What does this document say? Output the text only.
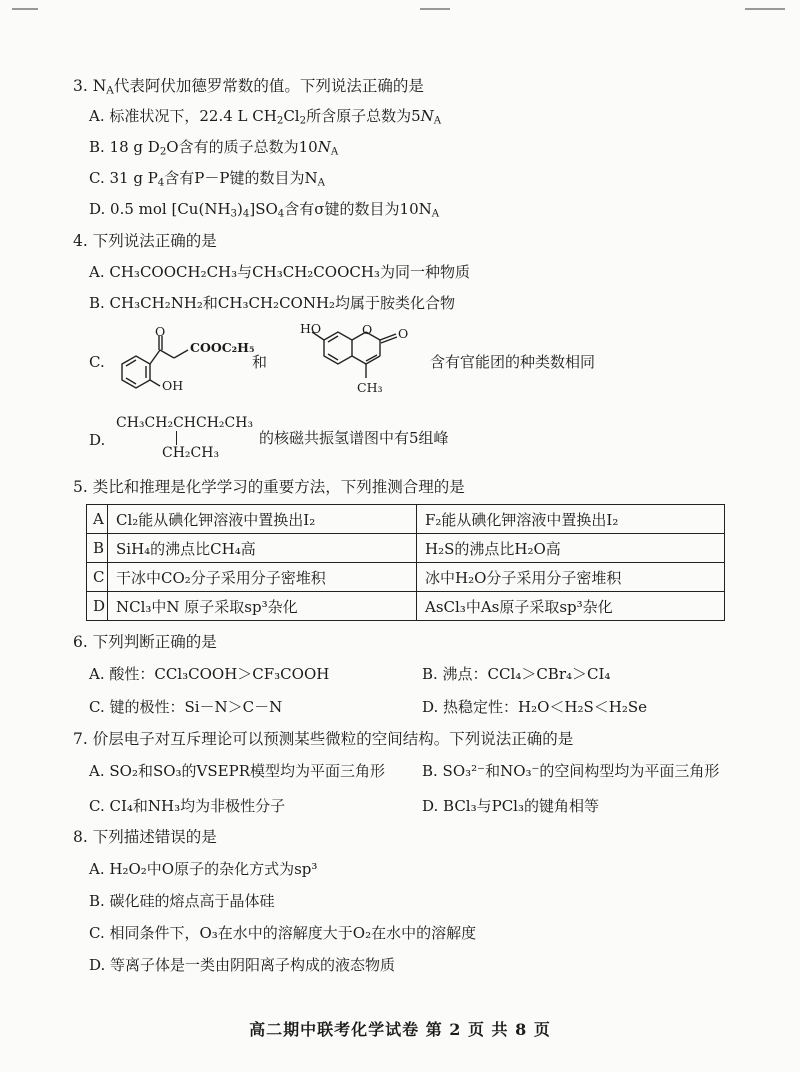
3. $N_A$代表阿伏加德罗常数的值。下列说法正确的是
A. 标准状况下，22.4 L $CH_2Cl_2$所含原子总数为$5N_A$
B. 18 g $D_2O$含有的质子总数为$10N_A$
C. 31 g $P_4$含有P－P键的数目为$N_A$
D. 0.5 mol $[Cu(NH_3)_4]SO_4$含有σ键的数目为$10N_A$
4. 下列说法正确的是
A. CH₃COOCH₂CH₃与CH₃CH₂COOCH₃为同一种物质
B. CH₃CH₂NH₂和CH₃CH₂CONH₂均属于胺类化合物
C.
O
COOC₂H₅
OH
和
HO	O O
CH₃
含有官能团的种类数相同
D.
CH₃CH₂CHCH₂CH₃
CH₂CH₃
的核磁共振氢谱图中有5组峰
5. 类比和推理是化学学习的重要方法，下列推测合理的是
A	Cl₂能从碘化钾溶液中置换出I₂	F₂能从碘化钾溶液中置换出I₂
B	SiH₄的沸点比CH₄高	H₂S的沸点比H₂O高
C	干冰中CO₂分子采用分子密堆积	冰中H₂O分子采用分子密堆积
D	NCl₃中N 原子采取sp³杂化	AsCl₃中As原子采取sp³杂化
6. 下列判断正确的是
A. 酸性：CCl₃COOH＞CF₃COOH	B. 沸点：CCl₄＞CBr₄＞CI₄
C. 键的极性：Si－N＞C－N	D. 热稳定性：H₂O＜H₂S＜H₂Se
7. 价层电子对互斥理论可以预测某些微粒的空间结构。下列说法正确的是
A. SO₂和SO₃的VSEPR模型均为平面三角形 B. SO₃²⁻和NO₃⁻的空间构型均为平面三角形
C. CI₄和NH₃均为非极性分子	D. BCl₃与PCl₃的键角相等
8. 下列描述错误的是
A. H₂O₂中O原子的杂化方式为sp³
B. 碳化硅的熔点高于晶体硅
C. 相同条件下，O₃在水中的溶解度大于O₂在水中的溶解度
D. 等离子体是一类由阴阳离子构成的液态物质
高二期中联考化学试卷 第 2 页 共 8 页
